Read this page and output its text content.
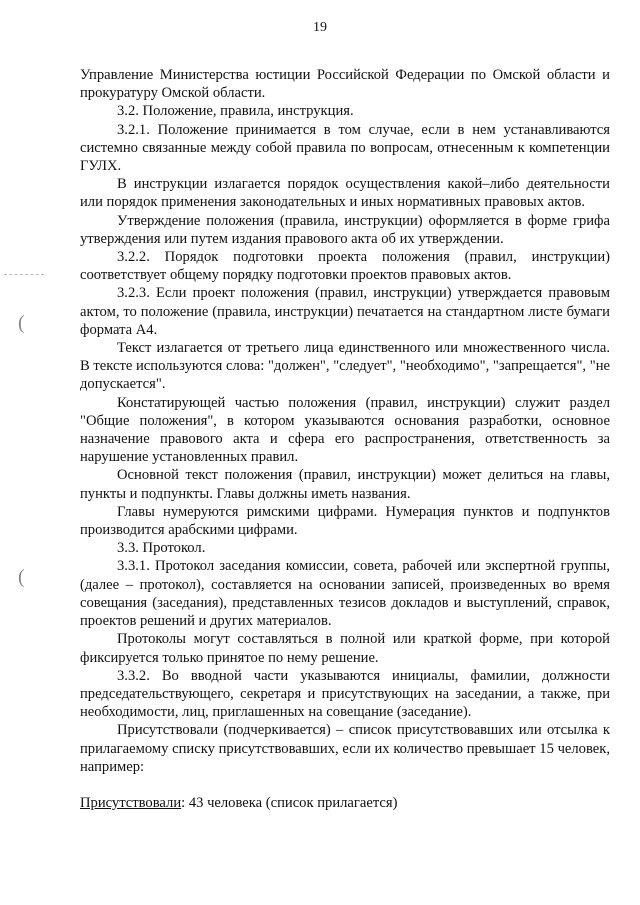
19
(
(

Управление Министерства юстиции Российской Федерации по Омской области и прокуратуру Омской области.

3.2. Положение, правила, инструкция.

3.2.1. Положение принимается в том случае, если в нем устанавливаются системно связанные между собой правила по вопросам, отнесенным к компетенции ГУЛХ.

В инструкции излагается порядок осуществления какой–либо деятельности или порядок применения законодательных и иных нормативных правовых актов.

Утверждение положения (правила, инструкции) оформляется в форме грифа утверждения или путем издания правового акта об их утверждении.

3.2.2. Порядок подготовки проекта положения (правил, инструкции) соответствует общему порядку подготовки проектов правовых актов.

3.2.3. Если проект положения (правил, инструкции) утверждается правовым актом, то положение (правила, инструкции) печатается на стандартном листе бумаги формата А4.

Текст излагается от третьего лица единственного или множественного числа. В тексте используются слова: "должен", "следует", "необходимо", "запрещается", "не допускается".

Констатирующей частью положения (правил, инструкции) служит раздел "Общие положения", в котором указываются основания разработки, основное назначение правового акта и сфера его распространения, ответственность за нарушение установленных правил.

Основной текст положения (правил, инструкции) может делиться на главы, пункты и подпункты. Главы должны иметь названия.

Главы нумеруются римскими цифрами. Нумерация пунктов и подпунктов производится арабскими цифрами.

3.3. Протокол.

3.3.1. Протокол заседания комиссии, совета, рабочей или экспертной группы, (далее – протокол), составляется на основании записей, произведенных во время совещания (заседания), представленных тезисов докладов и выступлений, справок, проектов решений и других материалов.

Протоколы могут составляться в полной или краткой форме, при которой фиксируется только принятое по нему решение.

3.3.2. Во вводной части указываются инициалы, фамилии, должности председательствующего, секретаря и присутствующих на заседании, а также, при необходимости, лиц, приглашенных на совещание (заседание).

Присутствовали (подчеркивается) – список присутствовавших или отсылка к прилагаемому списку присутствовавших, если их количество превышает 15 человек, например:

Присутствовали: 43 человека (список прилагается)
